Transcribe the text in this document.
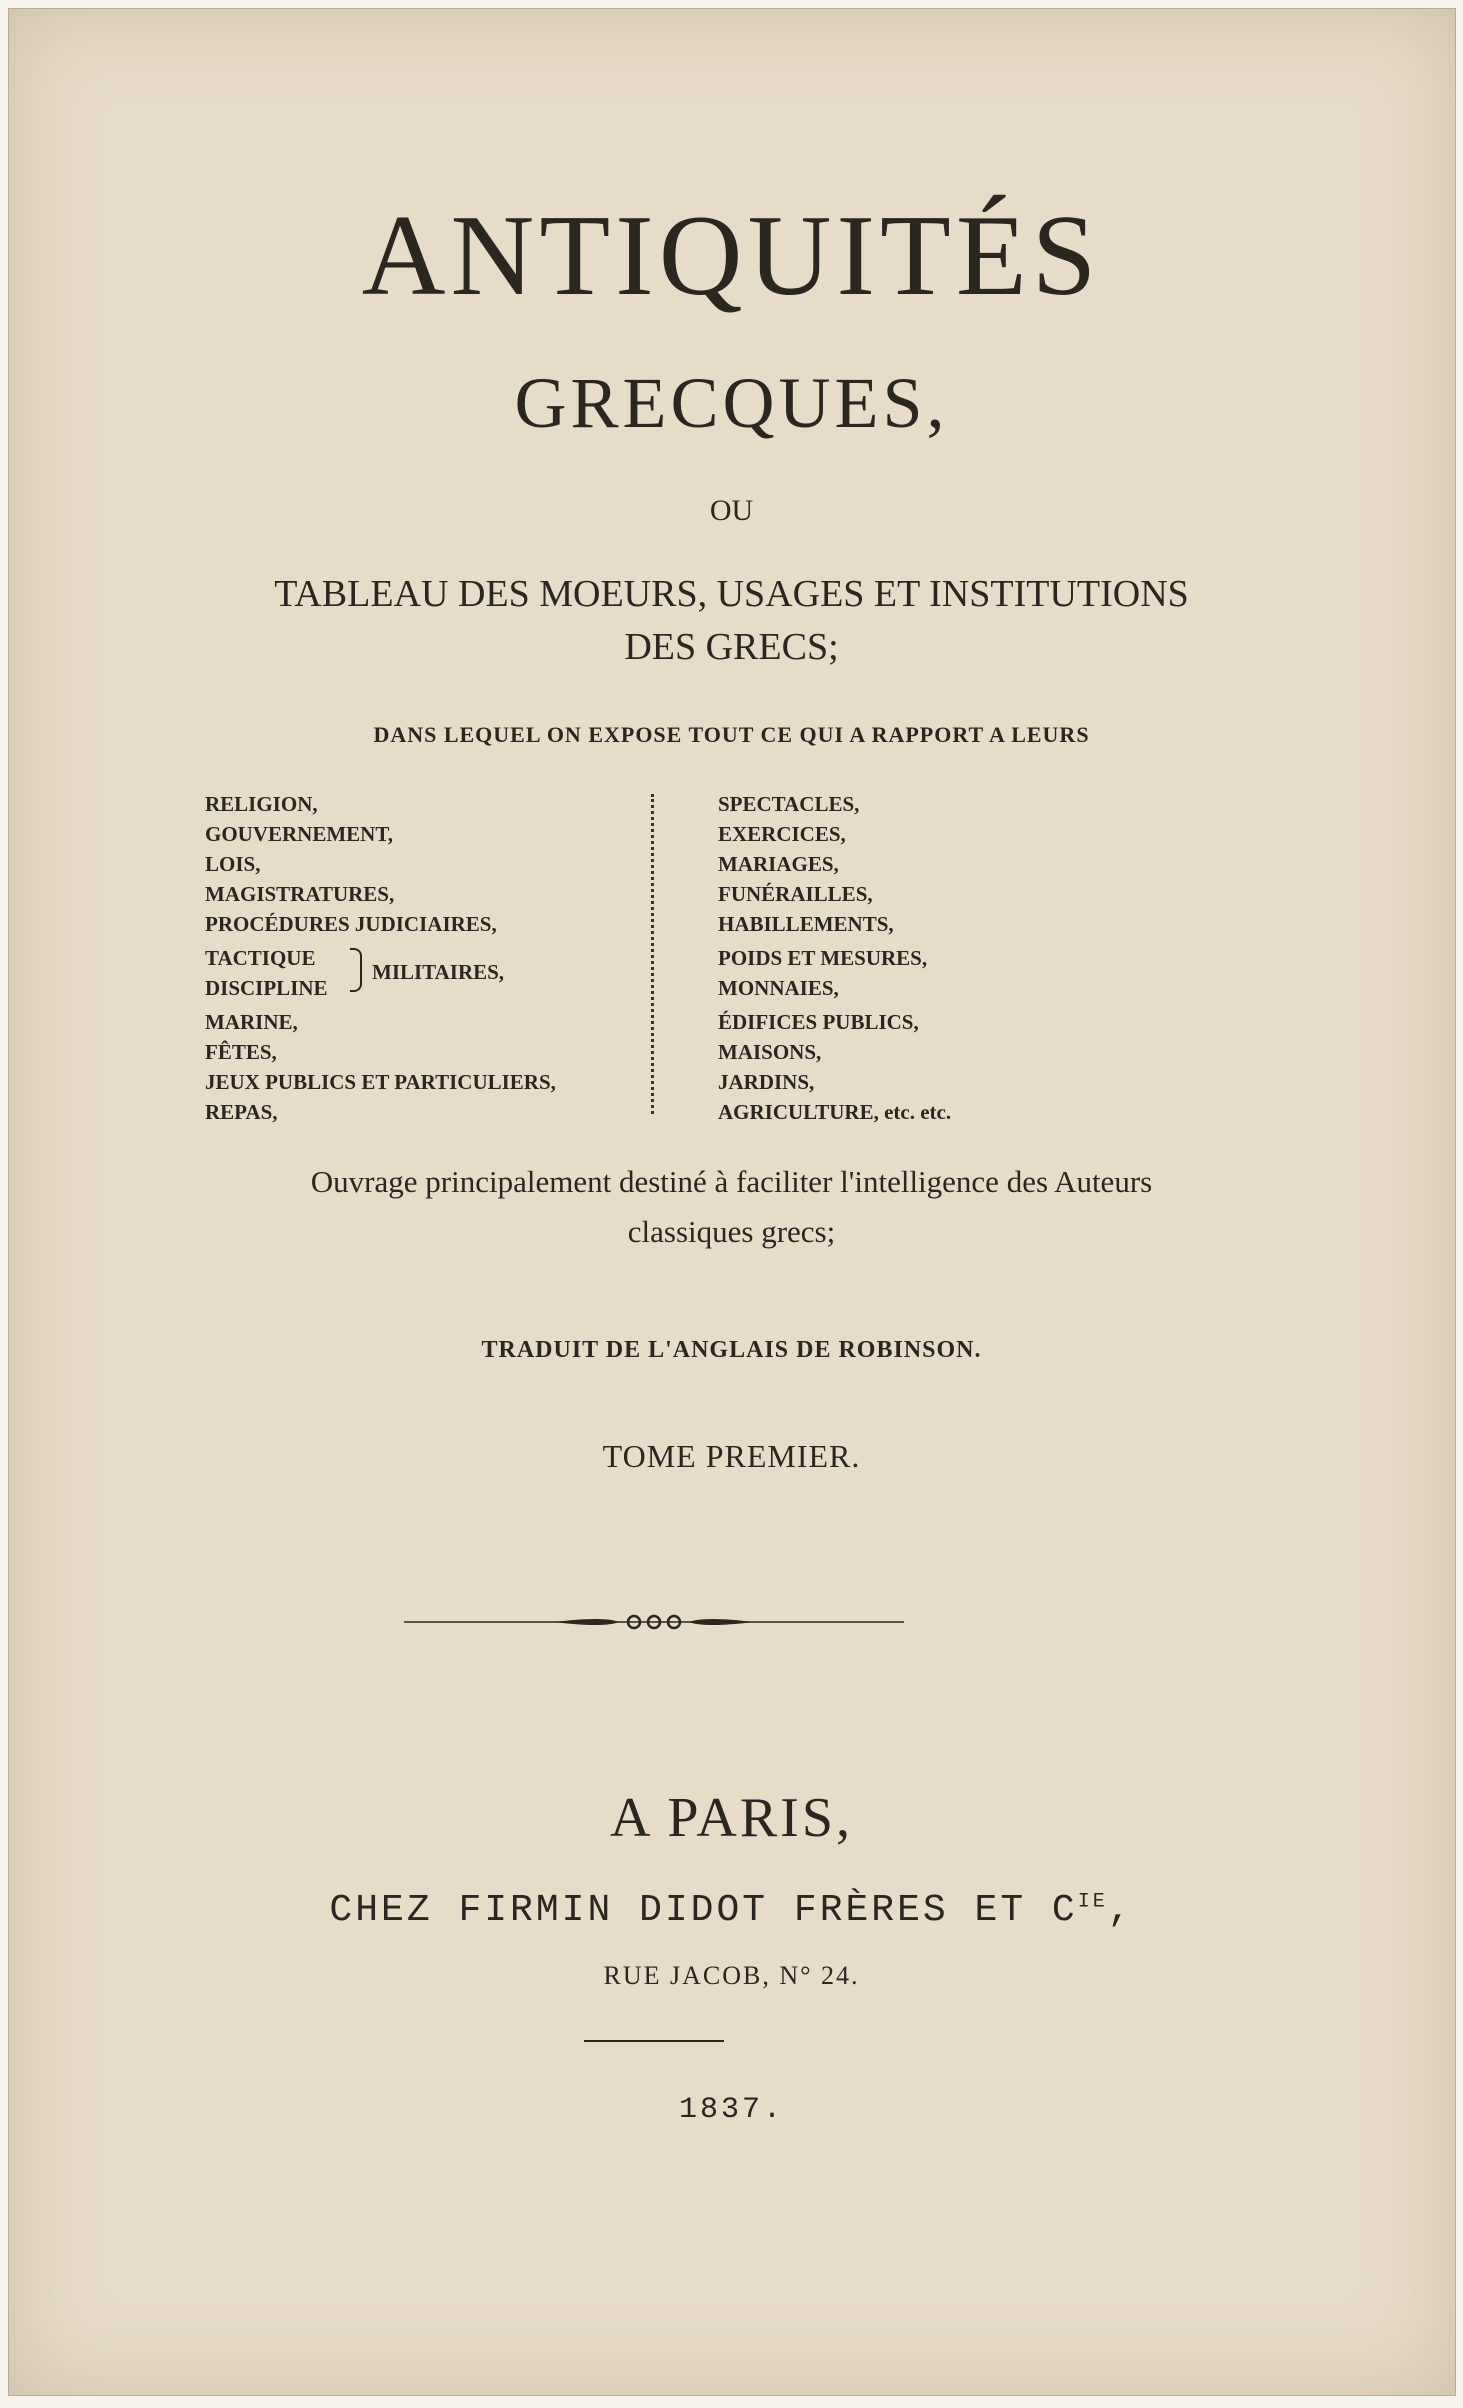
ANTIQUITÉS
GRECQUES,
OU
TABLEAU DES MOEURS, USAGES ET INSTITUTIONS
DES GRECS;
DANS LEQUEL ON EXPOSE TOUT CE QUI A RAPPORT A LEURS
RELIGION,
GOUVERNEMENT,
LOIS,
MAGISTRATURES,
PROCÉDURES JUDICIAIRES,
TACTIQUE
DISCIPLINE
MARINE,
FÊTES,
JEUX PUBLICS ET PARTICULIERS,
REPAS,
MILITAIRES,
SPECTACLES,
EXERCICES,
MARIAGES,
FUNÉRAILLES,
HABILLEMENTS,
POIDS ET MESURES,
MONNAIES,
ÉDIFICES PUBLICS,
MAISONS,
JARDINS,
AGRICULTURE, etc. etc.
Ouvrage principalement destiné à faciliter l'intelligence des Auteurs
classiques grecs;
TRADUIT DE L'ANGLAIS DE ROBINSON.
TOME PREMIER.
A PARIS,
CHEZ FIRMIN DIDOT FRÈRES ET $C^{IE}$,
RUE JACOB, N° 24.
1837.
